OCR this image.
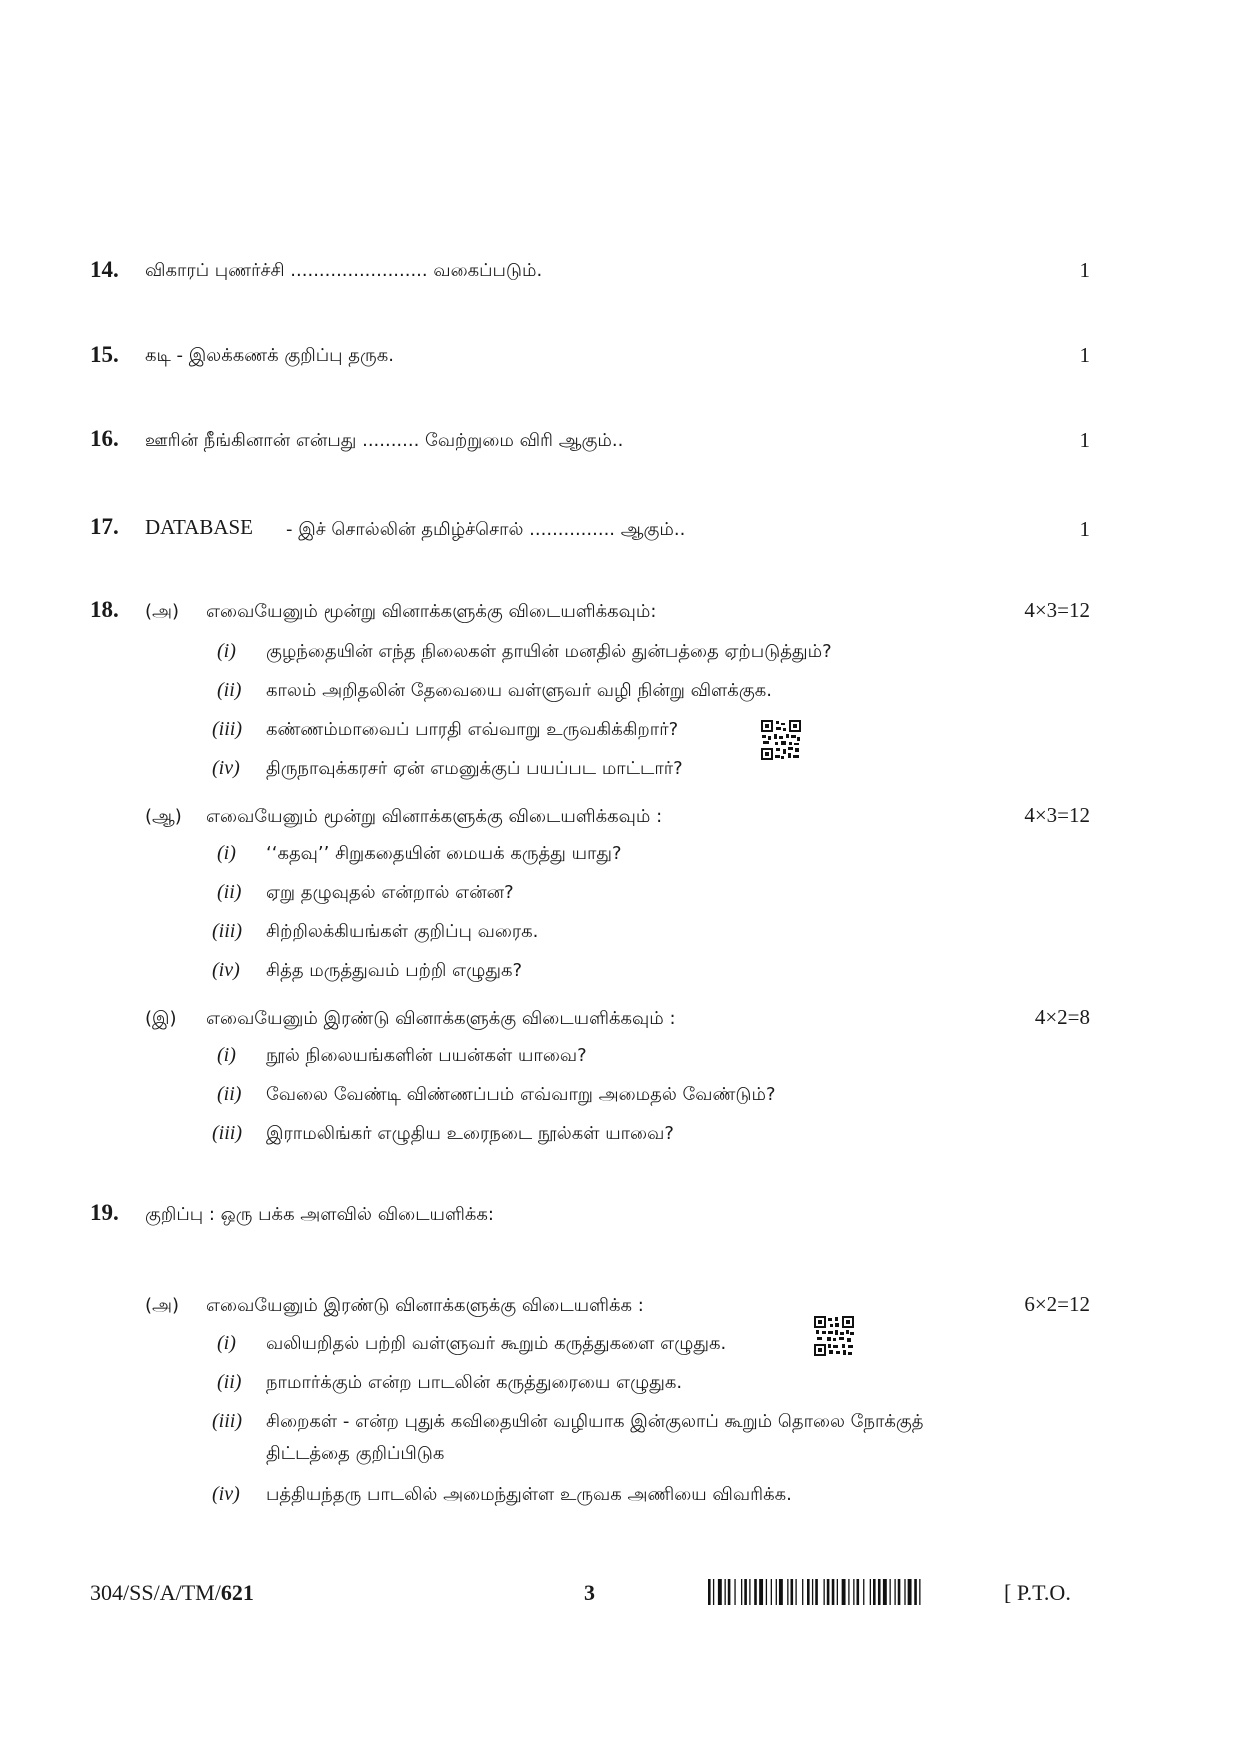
14. விகாரப் புணர்ச்சி ........................ வகைப்படும்.	1
15. கடி - இலக்கணக் குறிப்பு தருக.	1
16. ஊரின் நீங்கினான் என்பது .......... வேற்றுமை விரி ஆகும்..	1
17. DATABASE - இச் சொல்லின் தமிழ்ச்சொல் ............... ஆகும்..	1
18. (அ) எவையேனும் மூன்று வினாக்களுக்கு விடையளிக்கவும்:	4×3=12
(i) குழந்தையின் எந்த நிலைகள் தாயின் மனதில் துன்பத்தை ஏற்படுத்தும்?
(ii) காலம் அறிதலின் தேவையை வள்ளுவர் வழி நின்று விளக்குக.
(iii) கண்ணம்மாவைப் பாரதி எவ்வாறு உருவகிக்கிறார்?
(iv) திருநாவுக்கரசர் ஏன் எமனுக்குப் பயப்பட மாட்டார்?
(ஆ) எவையேனும் மூன்று வினாக்களுக்கு விடையளிக்கவும் :	4×3=12
(i) ‘‘கதவு’’ சிறுகதையின் மையக் கருத்து யாது?
(ii) ஏறு தழுவுதல் என்றால் என்ன?
(iii) சிற்றிலக்கியங்கள் குறிப்பு வரைக.
(iv) சித்த மருத்துவம் பற்றி எழுதுக?
(இ) எவையேனும் இரண்டு வினாக்களுக்கு விடையளிக்கவும் :	4×2=8
(i) நூல் நிலையங்களின் பயன்கள் யாவை?
(ii) வேலை வேண்டி விண்ணப்பம் எவ்வாறு அமைதல் வேண்டும்?
(iii) இராமலிங்கர் எழுதிய உரைநடை நூல்கள் யாவை?
19. குறிப்பு : ஒரு பக்க அளவில் விடையளிக்க:
(அ) எவையேனும் இரண்டு வினாக்களுக்கு விடையளிக்க :	6×2=12
(i) வலியறிதல் பற்றி வள்ளுவர் கூறும் கருத்துகளை எழுதுக.
(ii) நாமார்க்கும் என்ற பாடலின் கருத்துரையை எழுதுக.
(iii) சிறைகள் - என்ற புதுக் கவிதையின் வழியாக இன்குலாப் கூறும் தொலை நோக்குத்
திட்டத்தை குறிப்பிடுக
(iv) பத்தியந்தரு பாடலில் அமைந்துள்ள உருவக அணியை விவரிக்க.
304/SS/A/TM/621	3	[ P.T.O.
